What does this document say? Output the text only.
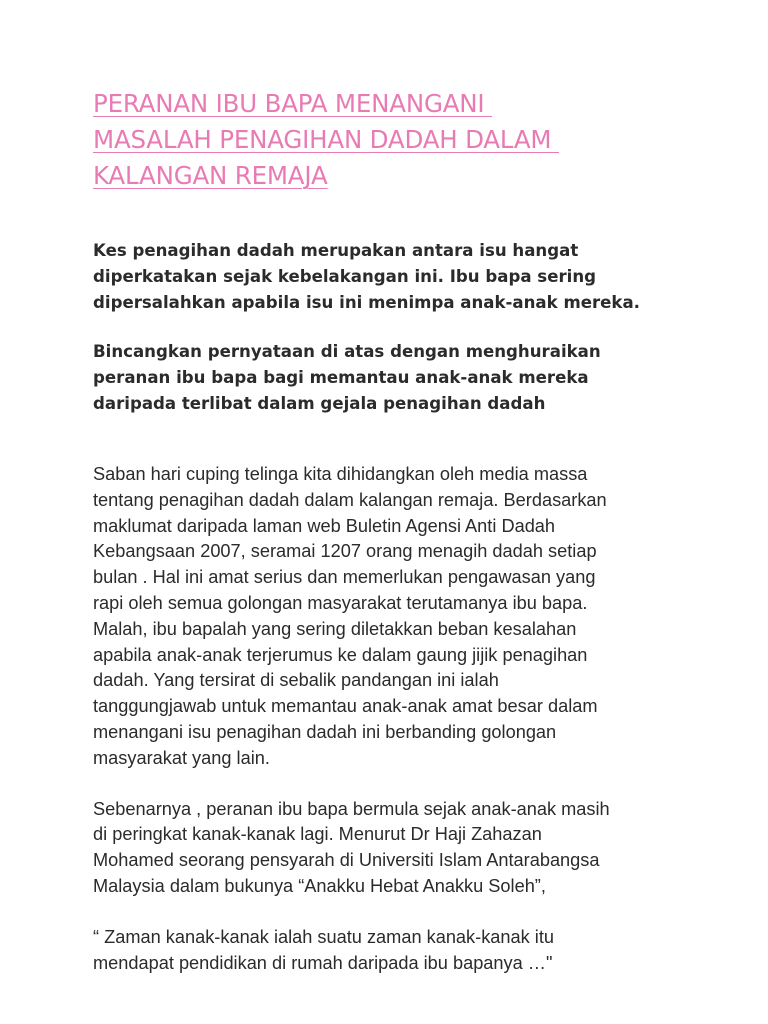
PERANAN IBU BAPA MENANGANI
MASALAH PENAGIHAN DADAH DALAM
KALANGAN REMAJA

Kes penagihan dadah merupakan antara isu hangat
diperkatakan sejak kebelakangan ini. Ibu bapa sering
dipersalahkan apabila isu ini menimpa anak-anak mereka.

Bincangkan pernyataan di atas dengan menghuraikan
peranan ibu bapa bagi memantau anak-anak mereka
daripada terlibat dalam gejala penagihan dadah

Saban hari cuping telinga kita dihidangkan oleh media massa
tentang penagihan dadah dalam kalangan remaja. Berdasarkan
maklumat daripada laman web Buletin Agensi Anti Dadah
Kebangsaan 2007, seramai 1207 orang menagih dadah setiap
bulan . Hal ini amat serius dan memerlukan pengawasan yang
rapi oleh semua golongan masyarakat terutamanya ibu bapa.
Malah, ibu bapalah yang sering diletakkan beban kesalahan
apabila anak-anak terjerumus ke dalam gaung jijik penagihan
dadah. Yang tersirat di sebalik pandangan ini ialah
tanggungjawab untuk memantau anak-anak amat besar dalam
menangani isu penagihan dadah ini berbanding golongan
masyarakat yang lain.

Sebenarnya , peranan ibu bapa bermula sejak anak-anak masih
di peringkat kanak-kanak lagi. Menurut Dr Haji Zahazan
Mohamed seorang pensyarah di Universiti Islam Antarabangsa
Malaysia dalam bukunya “Anakku Hebat Anakku Soleh”,

“ Zaman kanak-kanak ialah suatu zaman kanak-kanak itu
mendapat pendidikan di rumah daripada ibu bapanya …"
